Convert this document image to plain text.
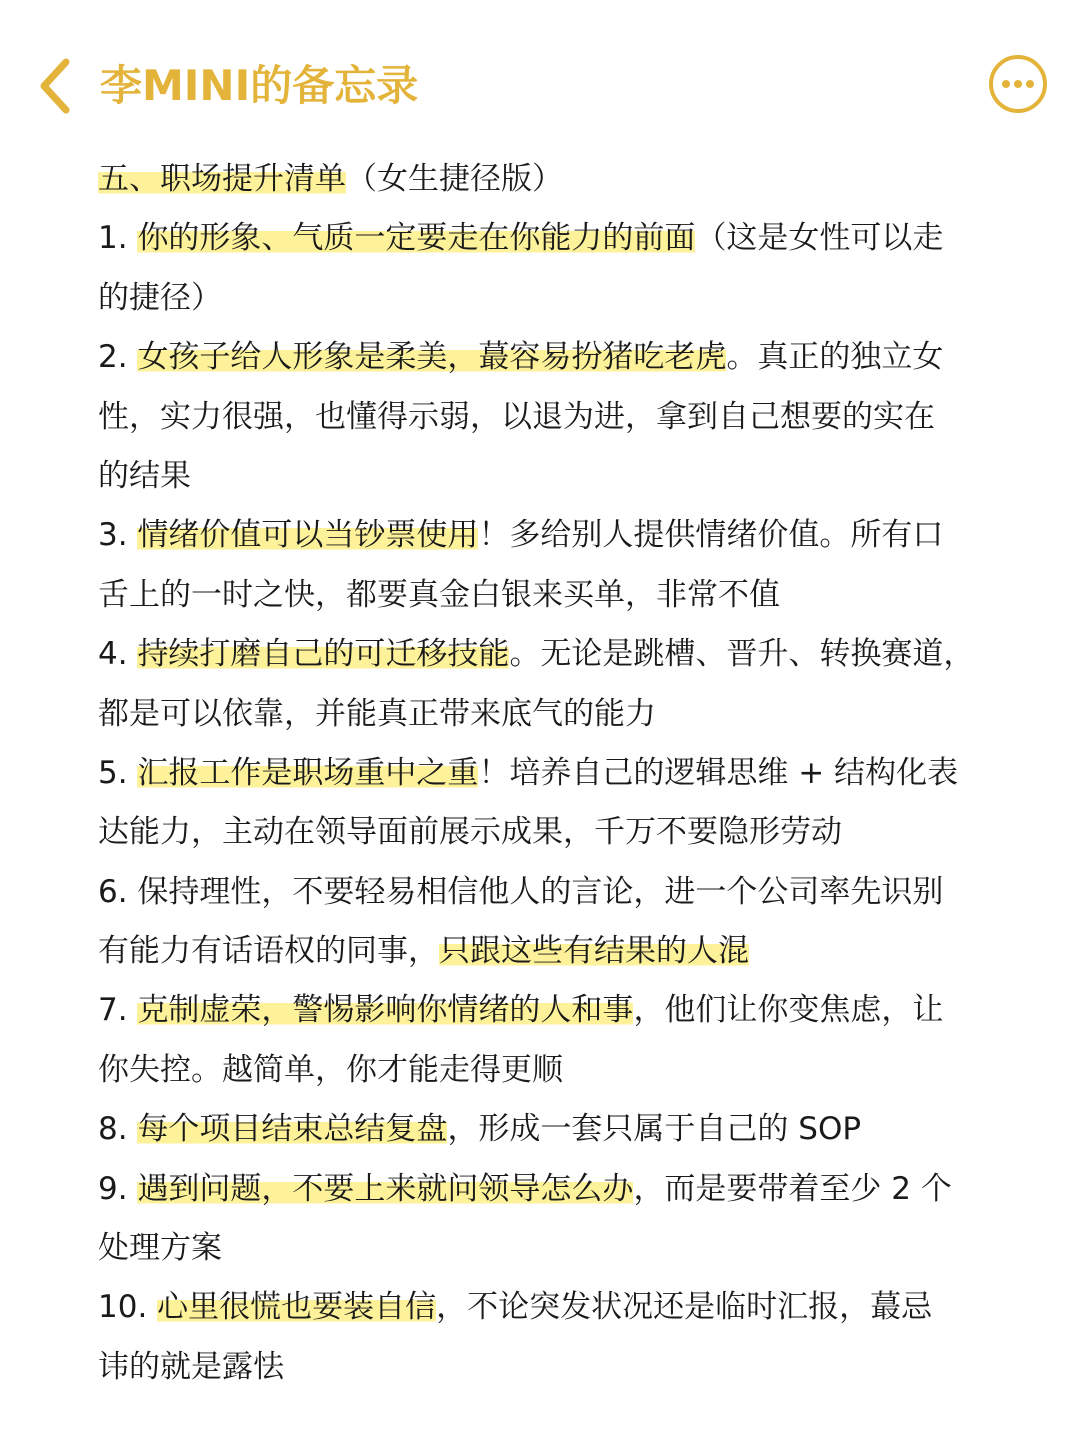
李MINI的备忘录
五、职场提升清单（女生捷径版）
1. 你的形象、气质一定要走在你能力的前面（这是女性可以走
的捷径）
2. 女孩子给人形象是柔美，蕞容易扮猪吃老虎。真正的独立女
性，实力很强，也懂得示弱，以退为进，拿到自己想要的实在
的结果
3. 情绪价值可以当钞票使用！多给别人提供情绪价值。所有口
舌上的一时之快，都要真金白银来买单，非常不值
4. 持续打磨自己的可迁移技能。无论是跳槽、晋升、转换赛道，
都是可以依靠，并能真正带来底气的能力
5. 汇报工作是职场重中之重！培养自己的逻辑思维 + 结构化表
达能力，主动在领导面前展示成果，千万不要隐形劳动
6. 保持理性，不要轻易相信他人的言论，进一个公司率先识别
有能力有话语权的同事，只跟这些有结果的人混
7. 克制虚荣，警惕影响你情绪的人和事，他们让你变焦虑，让
你失控。越简单，你才能走得更顺
8. 每个项目结束总结复盘，形成一套只属于自己的 SOP
9. 遇到问题，不要上来就问领导怎么办，而是要带着至少 2 个
处理方案
10. 心里很慌也要装自信，不论突发状况还是临时汇报，蕞忌
讳的就是露怯
